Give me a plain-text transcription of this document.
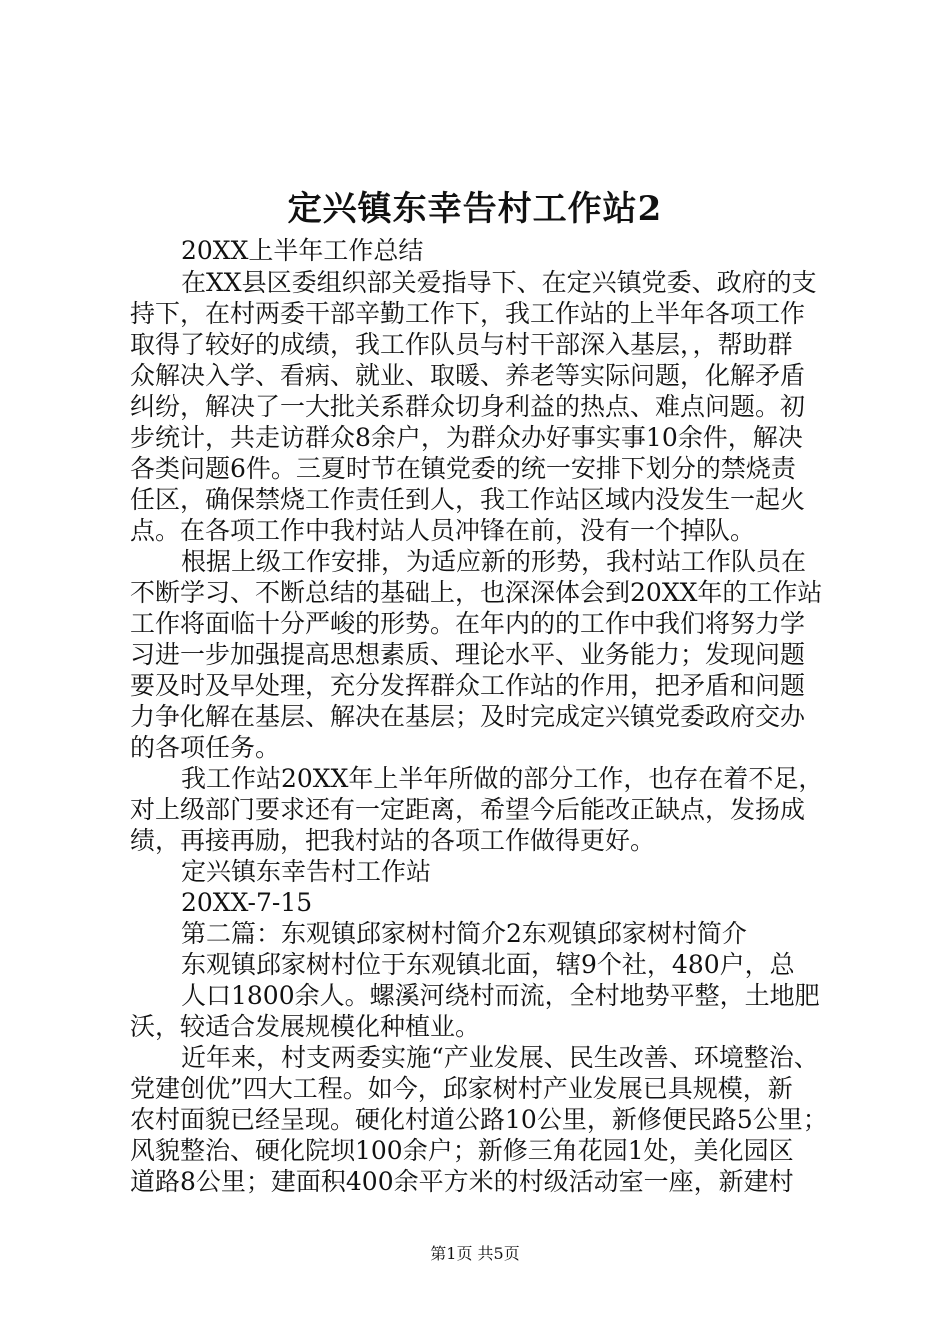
定兴镇东幸告村工作站2
20XX上半年工作总结
在XX县区委组织部关爱指导下、在定兴镇党委、政府的支
持下，在村两委干部辛勤工作下，我工作站的上半年各项工作
取得了较好的成绩，我工作队员与村干部深入基层，，帮助群
众解决入学、看病、就业、取暖、养老等实际问题，化解矛盾
纠纷，解决了一大批关系群众切身利益的热点、难点问题。初
步统计，共走访群众8余户，为群众办好事实事10余件，解决
各类问题6件。三夏时节在镇党委的统一安排下划分的禁烧责
任区，确保禁烧工作责任到人，我工作站区域内没发生一起火
点。在各项工作中我村站人员冲锋在前，没有一个掉队。
根据上级工作安排，为适应新的形势，我村站工作队员在
不断学习、不断总结的基础上，也深深体会到20XX年的工作站
工作将面临十分严峻的形势。在年内的的工作中我们将努力学
习进一步加强提高思想素质、理论水平、业务能力；发现问题
要及时及早处理，充分发挥群众工作站的作用，把矛盾和问题
力争化解在基层、解决在基层；及时完成定兴镇党委政府交办
的各项任务。
我工作站20XX年上半年所做的部分工作，也存在着不足，
对上级部门要求还有一定距离，希望今后能改正缺点，发扬成
绩，再接再励，把我村站的各项工作做得更好。
定兴镇东幸告村工作站
20XX-7-15
第二篇：东观镇邱家树村简介2东观镇邱家树村简介
东观镇邱家树村位于东观镇北面，辖9个社，480户，总
人口1800余人。螺溪河绕村而流，全村地势平整，土地肥
沃，较适合发展规模化种植业。
近年来，村支两委实施“产业发展、民生改善、环境整治、
党建创优”四大工程。如今，邱家树村产业发展已具规模，新
农村面貌已经呈现。硬化村道公路10公里，新修便民路5公里；
风貌整治、硬化院坝100余户；新修三角花园1处，美化园区
道路8公里；建面积400余平方米的村级活动室一座，新建村
第1页 共5页
